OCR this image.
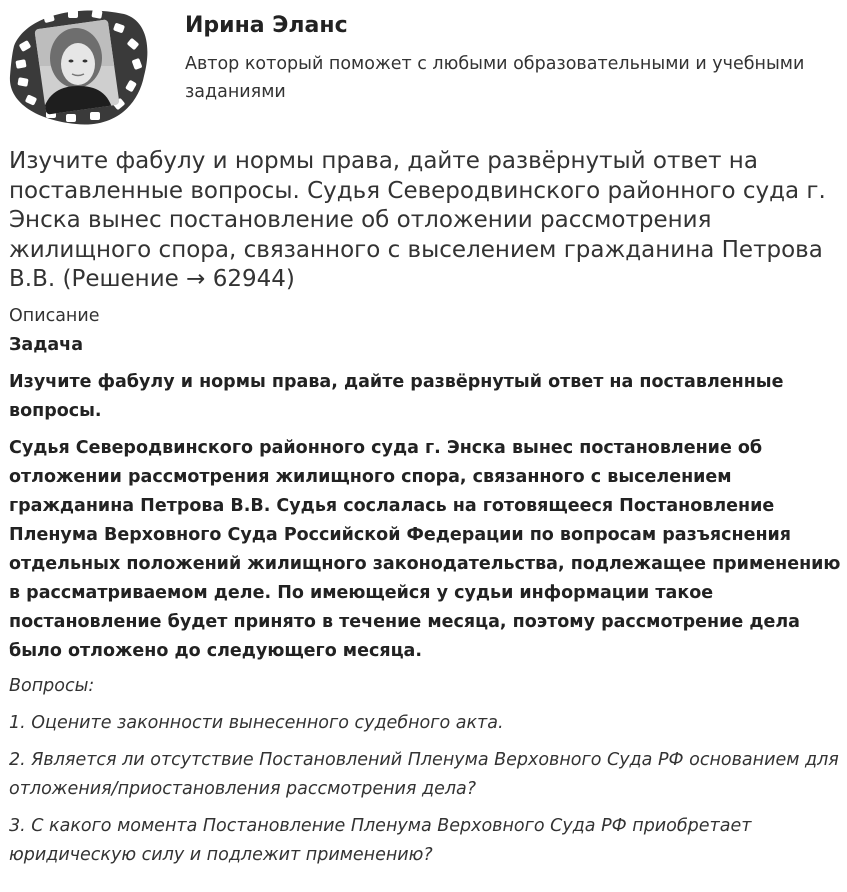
Ирина Эланс
Автор который поможет с любыми образовательными и учебными заданиями
Изучите фабулу и нормы права, дайте развёрнутый ответ на поставленные вопросы. Судья Северодвинского районного суда г. Энска вынес постановление об отложении рассмотрения жилищного спора, связанного с выселением гражданина Петрова В.В. (Решение → 62944)

Описание

Задача

Изучите фабулу и нормы права, дайте развёрнутый ответ на поставленные вопросы.

Судья Северодвинского районного суда г. Энска вынес постановление об отложении рассмотрения жилищного спора, связанного с выселением гражданина Петрова В.В. Судья сослалась на готовящееся Постановление Пленума Верховного Суда Российской Федерации по вопросам разъяснения отдельных положений жилищного законодательства, подлежащее применению в рассматриваемом деле. По имеющейся у судьи информации такое постановление будет принято в течение месяца, поэтому рассмотрение дела было отложено до следующего месяца.

Вопросы:

1. Оцените законности вынесенного судебного акта.

2. Является ли отсутствие Постановлений Пленума Верховного Суда РФ основанием для отложения/приостановления рассмотрения дела?

3. С какого момента Постановление Пленума Верховного Суда РФ приобретает юридическую силу и подлежит применению?
